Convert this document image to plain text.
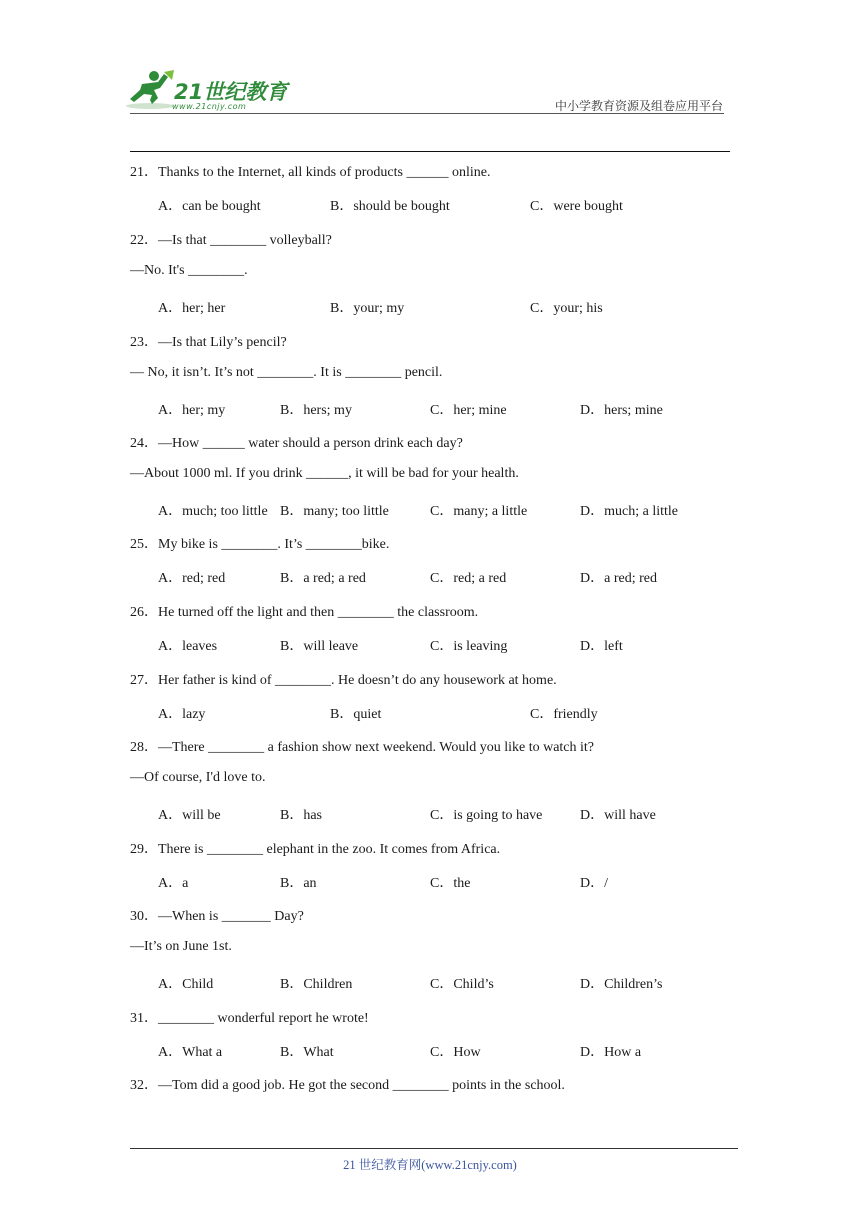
21世纪教育
www.21cnjy.com	中小学教育资源及组卷应用平台
21．Thanks to the Internet, all kinds of products ______ online.
A．can be bought	B．should be bought	C．were bought
22．—Is that ________ volleyball?
—No. It's ________.
A．her; her	B．your; my	C．your; his
23．—Is that Lily’s pencil?
— No, it isn’t. It’s not ________. It is ________ pencil.
A．her; my	B．hers; my	C．her; mine	D．hers; mine
24．—How ______ water should a person drink each day?
—About 1000 ml. If you drink ______, it will be bad for your health.
A．much; too little B．many; too little	C．many; a little	D．much; a little
25．My bike is ________. It’s ________bike.
A．red; red	B．a red; a red	C．red; a red	D．a red; red
26．He turned off the light and then ________ the classroom.
A．leaves	B．will leave	C．is leaving	D．left
27．Her father is kind of ________. He doesn’t do any housework at home.
A．lazy	B．quiet	C．friendly
28．—There ________ a fashion show next weekend. Would you like to watch it?
—Of course, I'd love to.
A．will be	B．has	C．is going to have	D．will have
29．There is ________ elephant in the zoo. It comes from Africa.
A．a	B．an	C．the	D．/
30．—When is _______ Day?
—It’s on June 1st.
A．Child	B．Children	C．Child’s	D．Children’s
31．________ wonderful report he wrote!
A．What a	B．What	C．How	D．How a
32．—Tom did a good job. He got the second ________ points in the school.
21 世纪教育网(www.21cnjy.com)
